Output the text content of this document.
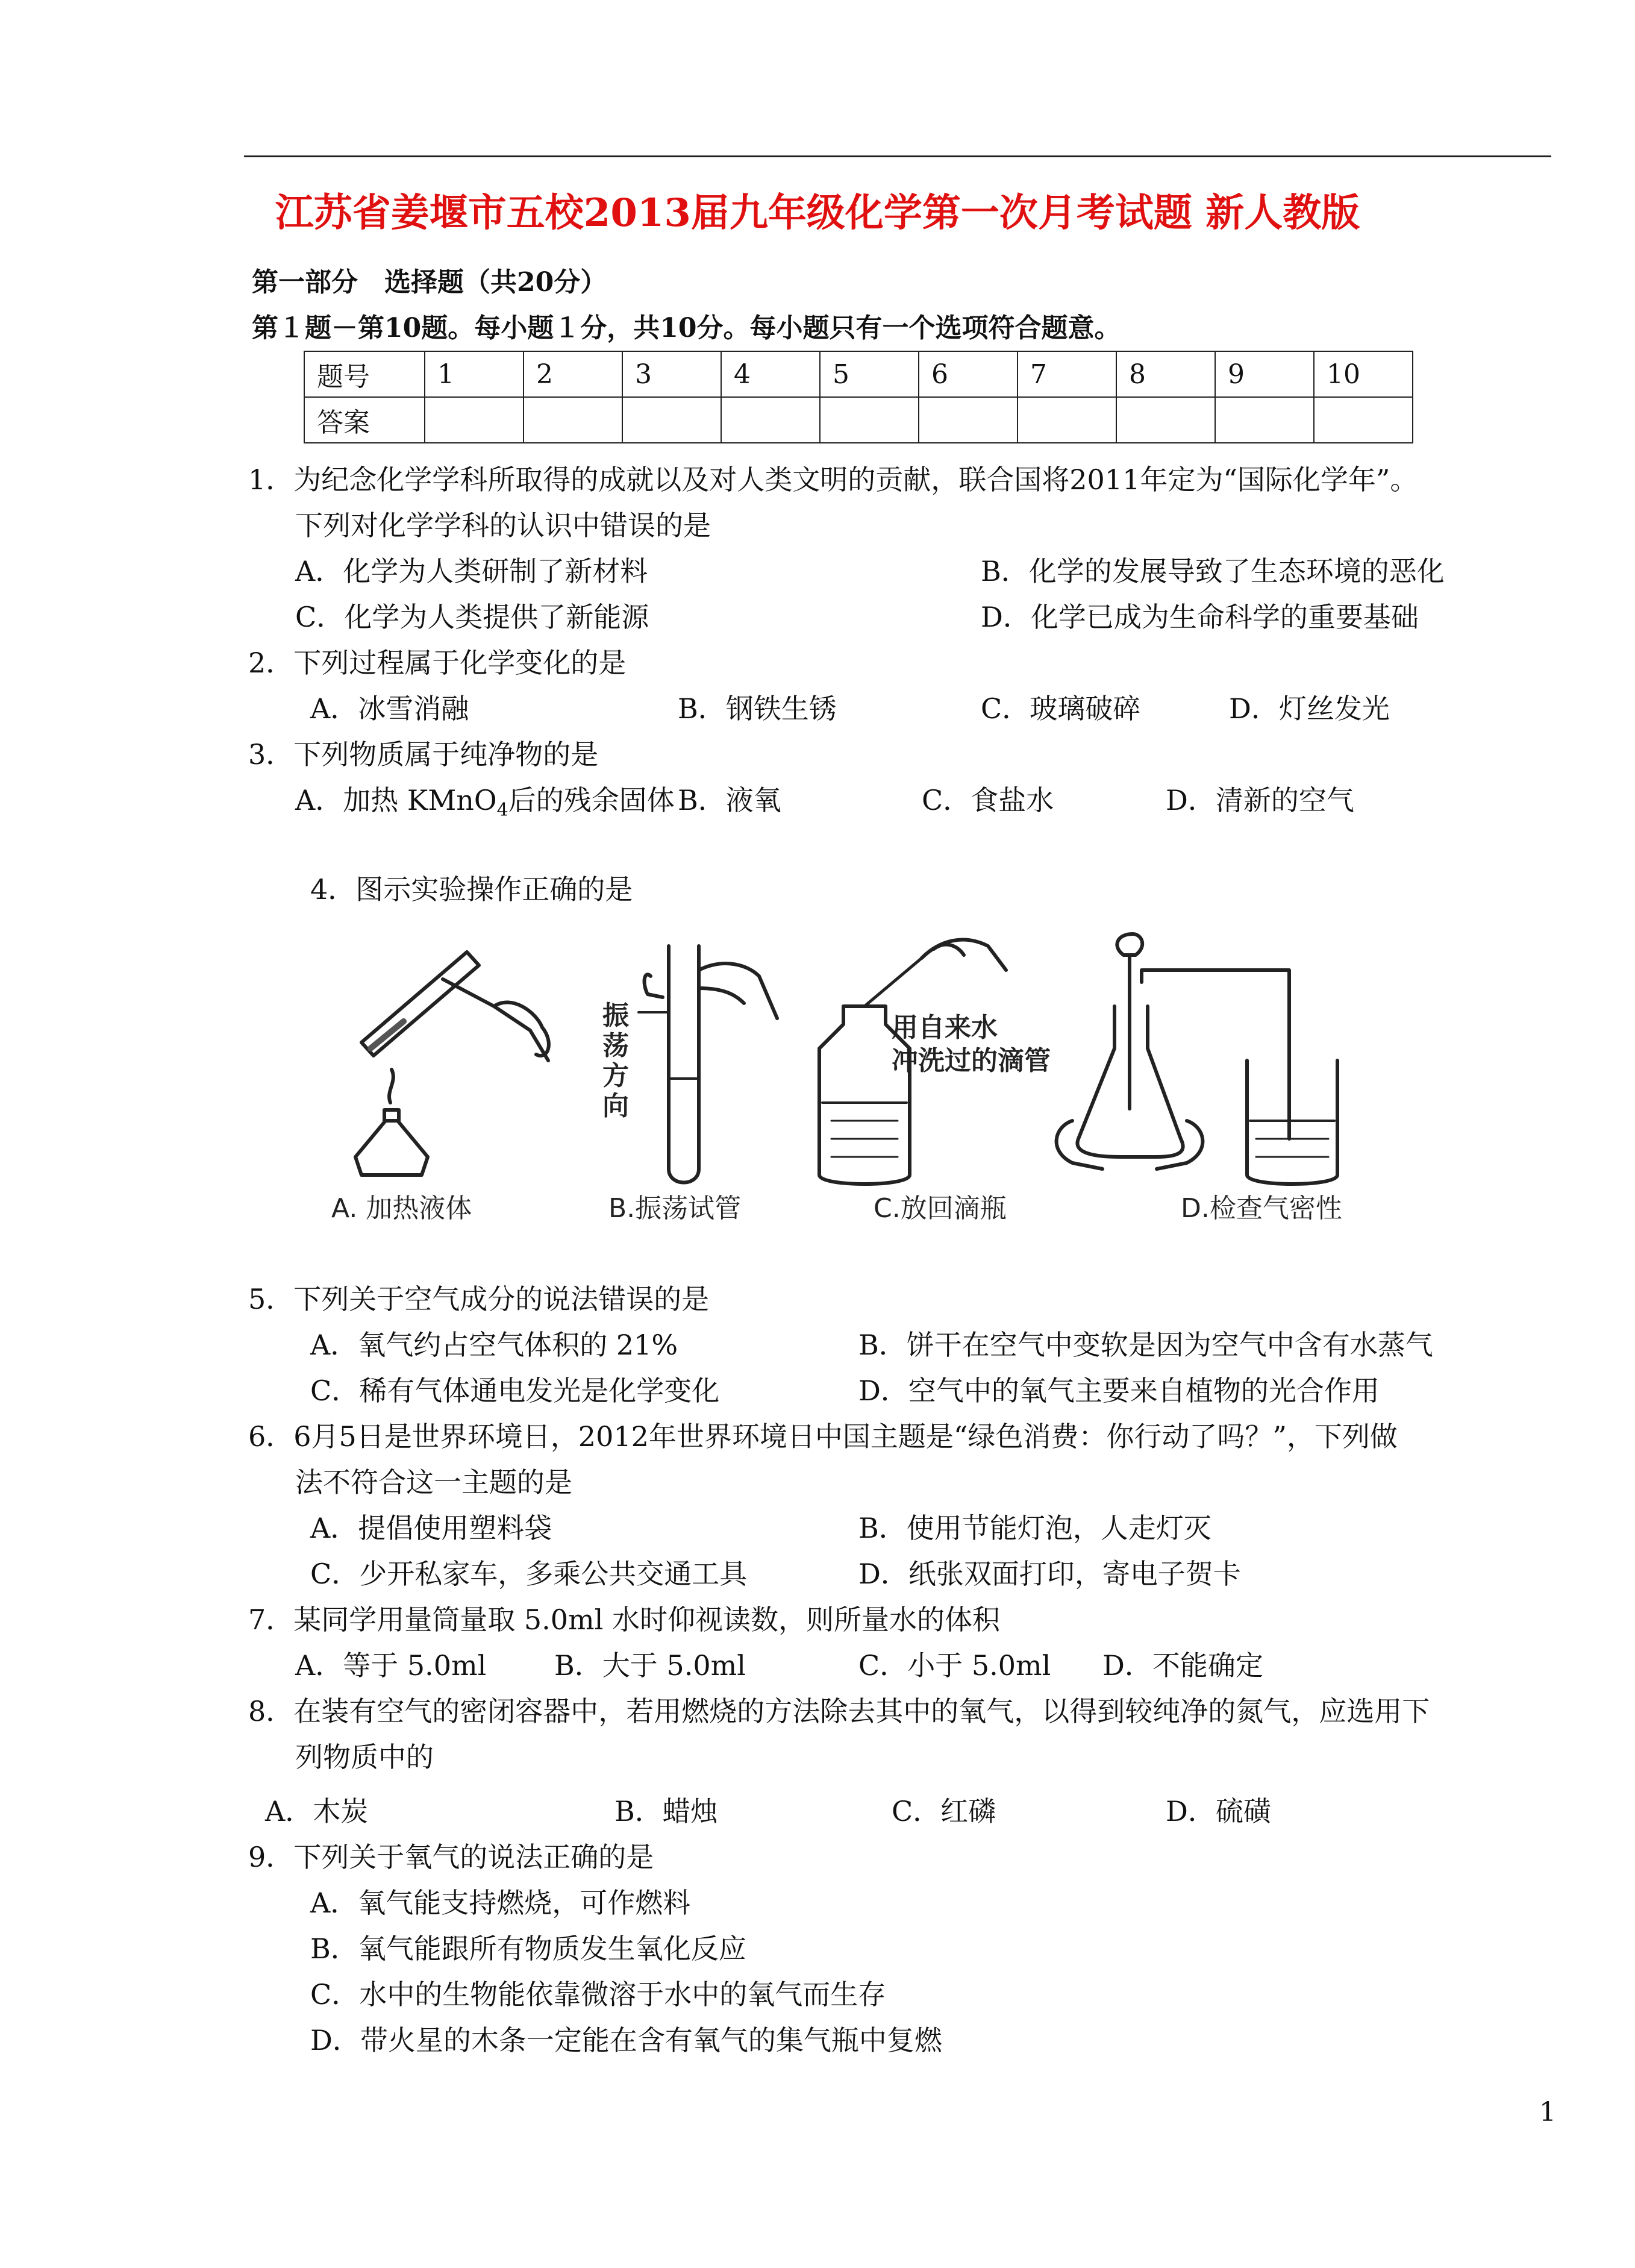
江苏省姜堰市五校2013届九年级化学第一次月考试题 新人教版
第一部分　选择题（共20分）
第１题－第10题。每小题１分，共10分。每小题只有一个选项符合题意。
题号	1	2	3	4	5	6	7	8	9	10
答案										
1．为纪念化学学科所取得的成就以及对人类文明的贡献，联合国将2011年定为“国际化学年”。
下列对化学学科的认识中错误的是
A．化学为人类研制了新材料	B．化学的发展导致了生态环境的恶化
C．化学为人类提供了新能源	D．化学已成为生命科学的重要基础
2．下列过程属于化学变化的是
A．冰雪消融	B．钢铁生锈	C．玻璃破碎	D．灯丝发光
3．下列物质属于纯净物的是
A．加热 KMnO$_4$后的残余固体 B．液氧	C．食盐水	D．清新的空气
4．图示实验操作正确的是
用自来水
冲洗过的滴管
振
荡
方
向
A. 加热液体	B.振荡试管	C.放回滴瓶	D.检查气密性
5．下列关于空气成分的说法错误的是
A．氧气约占空气体积的 21%	B．饼干在空气中变软是因为空气中含有水蒸气
C．稀有气体通电发光是化学变化	D．空气中的氧气主要来自植物的光合作用
6．6月5日是世界环境日，2012年世界环境日中国主题是“绿色消费：你行动了吗？”，下列做
法不符合这一主题的是
A．提倡使用塑料袋	B．使用节能灯泡，人走灯灭
C．少开私家车，多乘公共交通工具	D．纸张双面打印，寄电子贺卡
7．某同学用量筒量取 5.0ml 水时仰视读数，则所量水的体积
A．等于 5.0ml B．大于 5.0ml	C．小于 5.0ml D．不能确定
8．在装有空气的密闭容器中，若用燃烧的方法除去其中的氧气，以得到较纯净的氮气，应选用下
列物质中的
A．木炭	B．蜡烛	C．红磷	D．硫磺
9．下列关于氧气的说法正确的是
A．氧气能支持燃烧，可作燃料
B．氧气能跟所有物质发生氧化反应
C．水中的生物能依靠微溶于水中的氧气而生存
D．带火星的木条一定能在含有氧气的集气瓶中复燃
1
